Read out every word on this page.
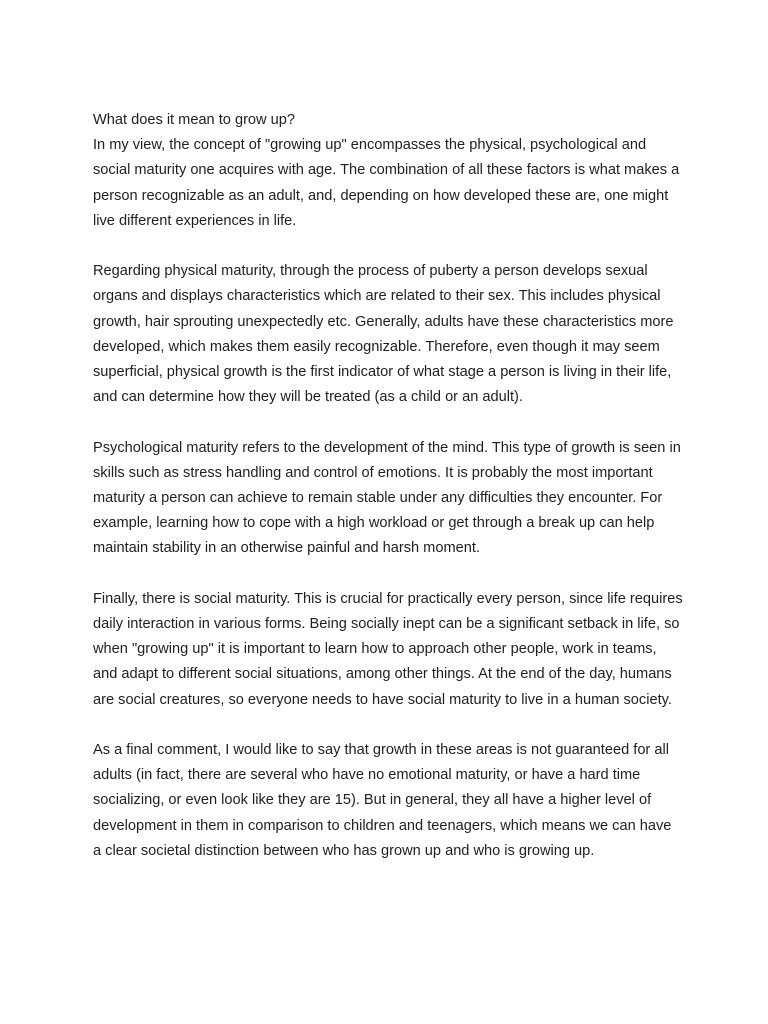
What does it mean to grow up?

In my view, the concept of "growing up" encompasses the physical, psychological and social maturity one acquires with age. The combination of all these factors is what makes a person recognizable as an adult, and, depending on how developed these are, one might live different experiences in life.

Regarding physical maturity, through the process of puberty a person develops sexual organs and displays characteristics which are related to their sex. This includes physical growth, hair sprouting unexpectedly etc. Generally, adults have these characteristics more developed, which makes them easily recognizable. Therefore, even though it may seem superficial, physical growth is the first indicator of what stage a person is living in their life, and can determine how they will be treated (as a child or an adult).

Psychological maturity refers to the development of the mind. This type of growth is seen in skills such as stress handling and control of emotions. It is probably the most important maturity a person can achieve to remain stable under any difficulties they encounter. For example, learning how to cope with a high workload or get through a break up can help maintain stability in an otherwise painful and harsh moment.

Finally, there is social maturity. This is crucial for practically every person, since life requires daily interaction in various forms. Being socially inept can be a significant setback in life, so when "growing up" it is important to learn how to approach other people, work in teams, and adapt to different social situations, among other things. At the end of the day, humans are social creatures, so everyone needs to have social maturity to live in a human society.

As a final comment, I would like to say that growth in these areas is not guaranteed for all adults (in fact, there are several who have no emotional maturity, or have a hard time socializing, or even look like they are 15). But in general, they all have a higher level of development in them in comparison to children and teenagers, which means we can have a clear societal distinction between who has grown up and who is growing up.
